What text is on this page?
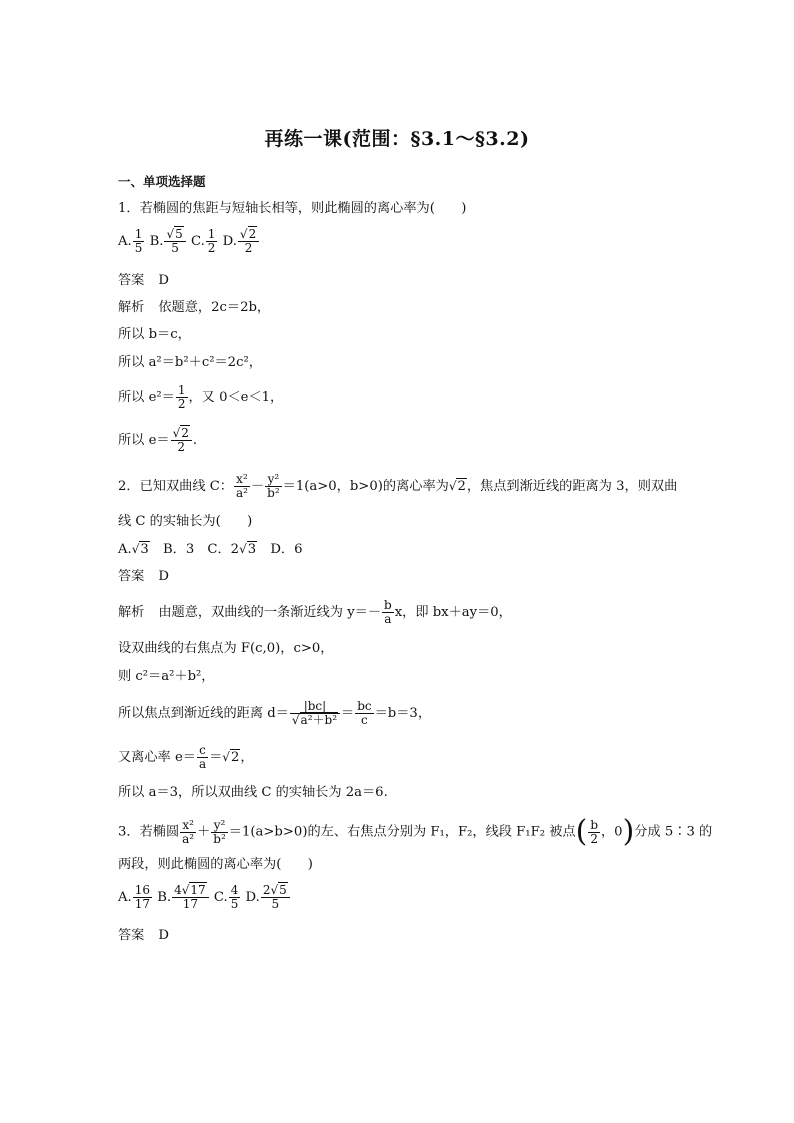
再练一课(范围：§3.1～§3.2)
一、单项选择题
1．若椭圆的焦距与短轴长相等，则此椭圆的离心率为(　　)
A. $\frac{1}{5} B$. $\frac{√5}{5} C$. $\frac{1}{2} D$. $\frac{√2}{2}$
答案 D
解析 依题意，2c＝2b，
所以 b＝c，
所以 a²＝b²＋c²＝2c²，
所以 $e^2= \frac{1}{2}$ ，又 0＜e＜1，
所以 $e= \frac{√2}{2}$ .
2．已知双曲线 C： $\frac{\text{x²}}{\text{a²}} - \frac{\text{y²}}{\text{b²}} =1(a>0$，b>0)的离心率为√2，焦点到渐近线的距离为 3，则双曲
线 C 的实轴长为(　　)
A.√3　 B．3　C．2√3　 D．6
答案 D
解析 由题意，双曲线的一条渐近线为 $y=- \frac{b}{a}$ x，即 bx＋ay＝0，
设双曲线的右焦点为 F(c,0)，c>0，
则 c²＝a²＋b²，
所以焦点到渐近线的距离 $d= \frac{|bc|}{\text{√a²＋b²}} = \frac{bc}{c} =b=3$，
又离心率 $e= \frac{c}{a} =√2$，
所以 a＝3，所以双曲线 C 的实轴长为 2a＝6.
3．若椭圆 $\frac{\text{x²}}{\text{a²}} + \frac{\text{y²}}{\text{b²}} =1(a>b>0)$的左、右焦点分别为 F₁，F₂，线段 F₁F₂ 被点( $\frac{b}{2}$ ，0)分成 5∶3 的
两段，则此椭圆的离心率为(　　)
A. $\frac{16}{17} B$. $\frac{4√17}{17} C$. $\frac{4}{5} D$. $\frac{2√5}{5}$
答案 D
